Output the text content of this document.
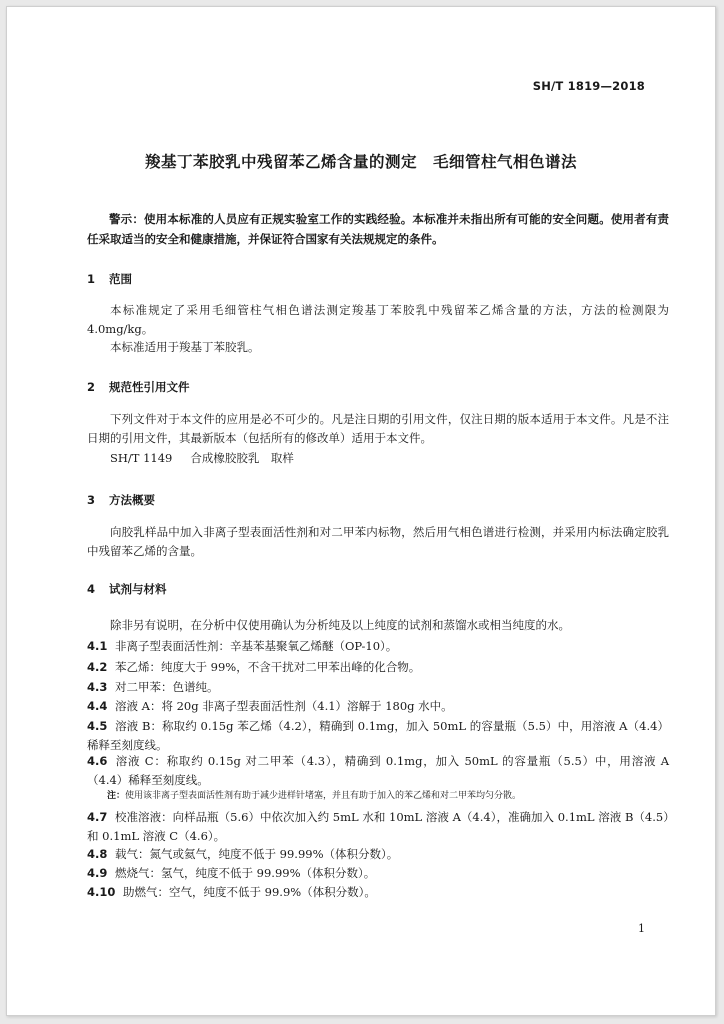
SH/T 1819—2018
羧基丁苯胶乳中残留苯乙烯含量的测定　毛细管柱气相色谱法
警示：使用本标准的人员应有正规实验室工作的实践经验。本标准并未指出所有可能的安全问题。使用者有责任采取适当的安全和健康措施，并保证符合国家有关法规规定的条件。
1 范围
本标准规定了采用毛细管柱气相色谱法测定羧基丁苯胶乳中残留苯乙烯含量的方法，方法的检测限为 4.0mg/kg。
本标准适用于羧基丁苯胶乳。
2 规范性引用文件
下列文件对于本文件的应用是必不可少的。凡是注日期的引用文件，仅注日期的版本适用于本文件。凡是不注日期的引用文件，其最新版本（包括所有的修改单）适用于本文件。
SH/T 1149 合成橡胶胶乳　取样
3 方法概要
向胶乳样品中加入非离子型表面活性剂和对二甲苯内标物，然后用气相色谱进行检测，并采用内标法确定胶乳中残留苯乙烯的含量。
4 试剂与材料
除非另有说明，在分析中仅使用确认为分析纯及以上纯度的试剂和蒸馏水或相当纯度的水。
4.1 非离子型表面活性剂：辛基苯基聚氧乙烯醚（OP-10）。
4.2 苯乙烯：纯度大于 99%，不含干扰对二甲苯出峰的化合物。
4.3 对二甲苯：色谱纯。
4.4 溶液 A：将 20g 非离子型表面活性剂（4.1）溶解于 180g 水中。
4.5 溶液 B：称取约 0.15g 苯乙烯（4.2），精确到 0.1mg，加入 50mL 的容量瓶（5.5）中，用溶液 A（4.4）稀释至刻度线。
4.6 溶液 C：称取约 0.15g 对二甲苯（4.3），精确到 0.1mg，加入 50mL 的容量瓶（5.5）中，用溶液 A（4.4）稀释至刻度线。
注：使用该非离子型表面活性剂有助于减少进样针堵塞，并且有助于加入的苯乙烯和对二甲苯均匀分散。
4.7 校准溶液：向样品瓶（5.6）中依次加入约 5mL 水和 10mL 溶液 A（4.4），准确加入 0.1mL 溶液 B（4.5）和 0.1mL 溶液 C（4.6）。
4.8 载气：氮气或氦气，纯度不低于 99.99%（体积分数）。
4.9 燃烧气：氢气，纯度不低于 99.99%（体积分数）。
4.10 助燃气：空气，纯度不低于 99.9%（体积分数）。
1
